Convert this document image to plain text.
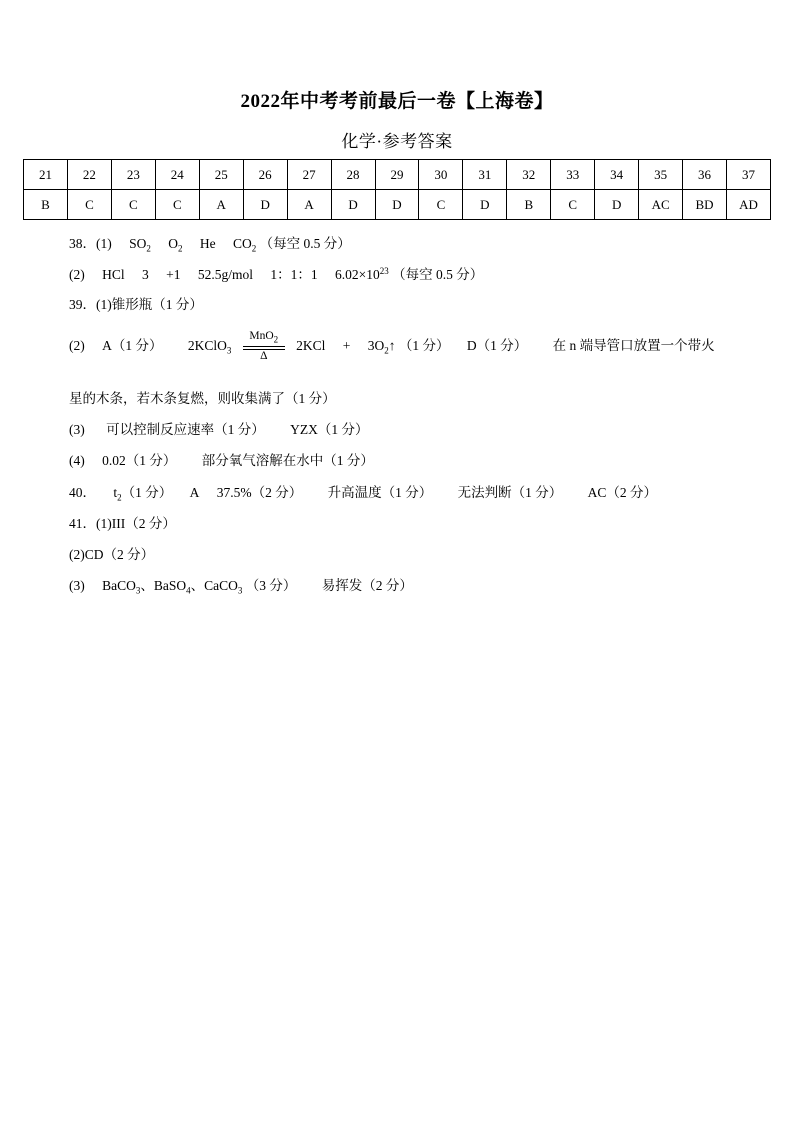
2022年中考考前最后一卷【上海卷】
化学·参考答案
21	22	23	24	25	26	27	28	29	30	31	32	33	34	35	36	37
B	C	C	C	A	D	A	D	D	C	D	B	C	D	AC	BD	AD
38．(1) $SO_2$ $O_2$ He $CO_2$ （每空 0.5 分）
(2) HCl 3 +1 52.5g/mol 1：1：1 $6.02\times 10^{23}$ （每空 0.5 分）
39．(1)锥形瓶（1 分）
(2) A（1 分） 2KClO$_3$
MnO$_2$
Δ
$2KCl + 3O_2↑$ （1 分） D（1 分） 在 n 端导管口放置一个带火
星的木条，若木条复燃，则收集满了（1 分）
(3) 可以控制反应速率（1 分） YZX（1 分）
(4) 0.02（1 分） 部分氧气溶解在水中（1 分）
40． $t_2(1$ 分） A 37.5%（2 分） 升高温度（1 分） 无法判断（1 分） AC（2 分）
41．(1)III（2 分）
(2)CD（2 分）
(3) BaCO$_3$、BaSO$_4$、CaCO$_3$ （3 分） 易挥发（2 分）
